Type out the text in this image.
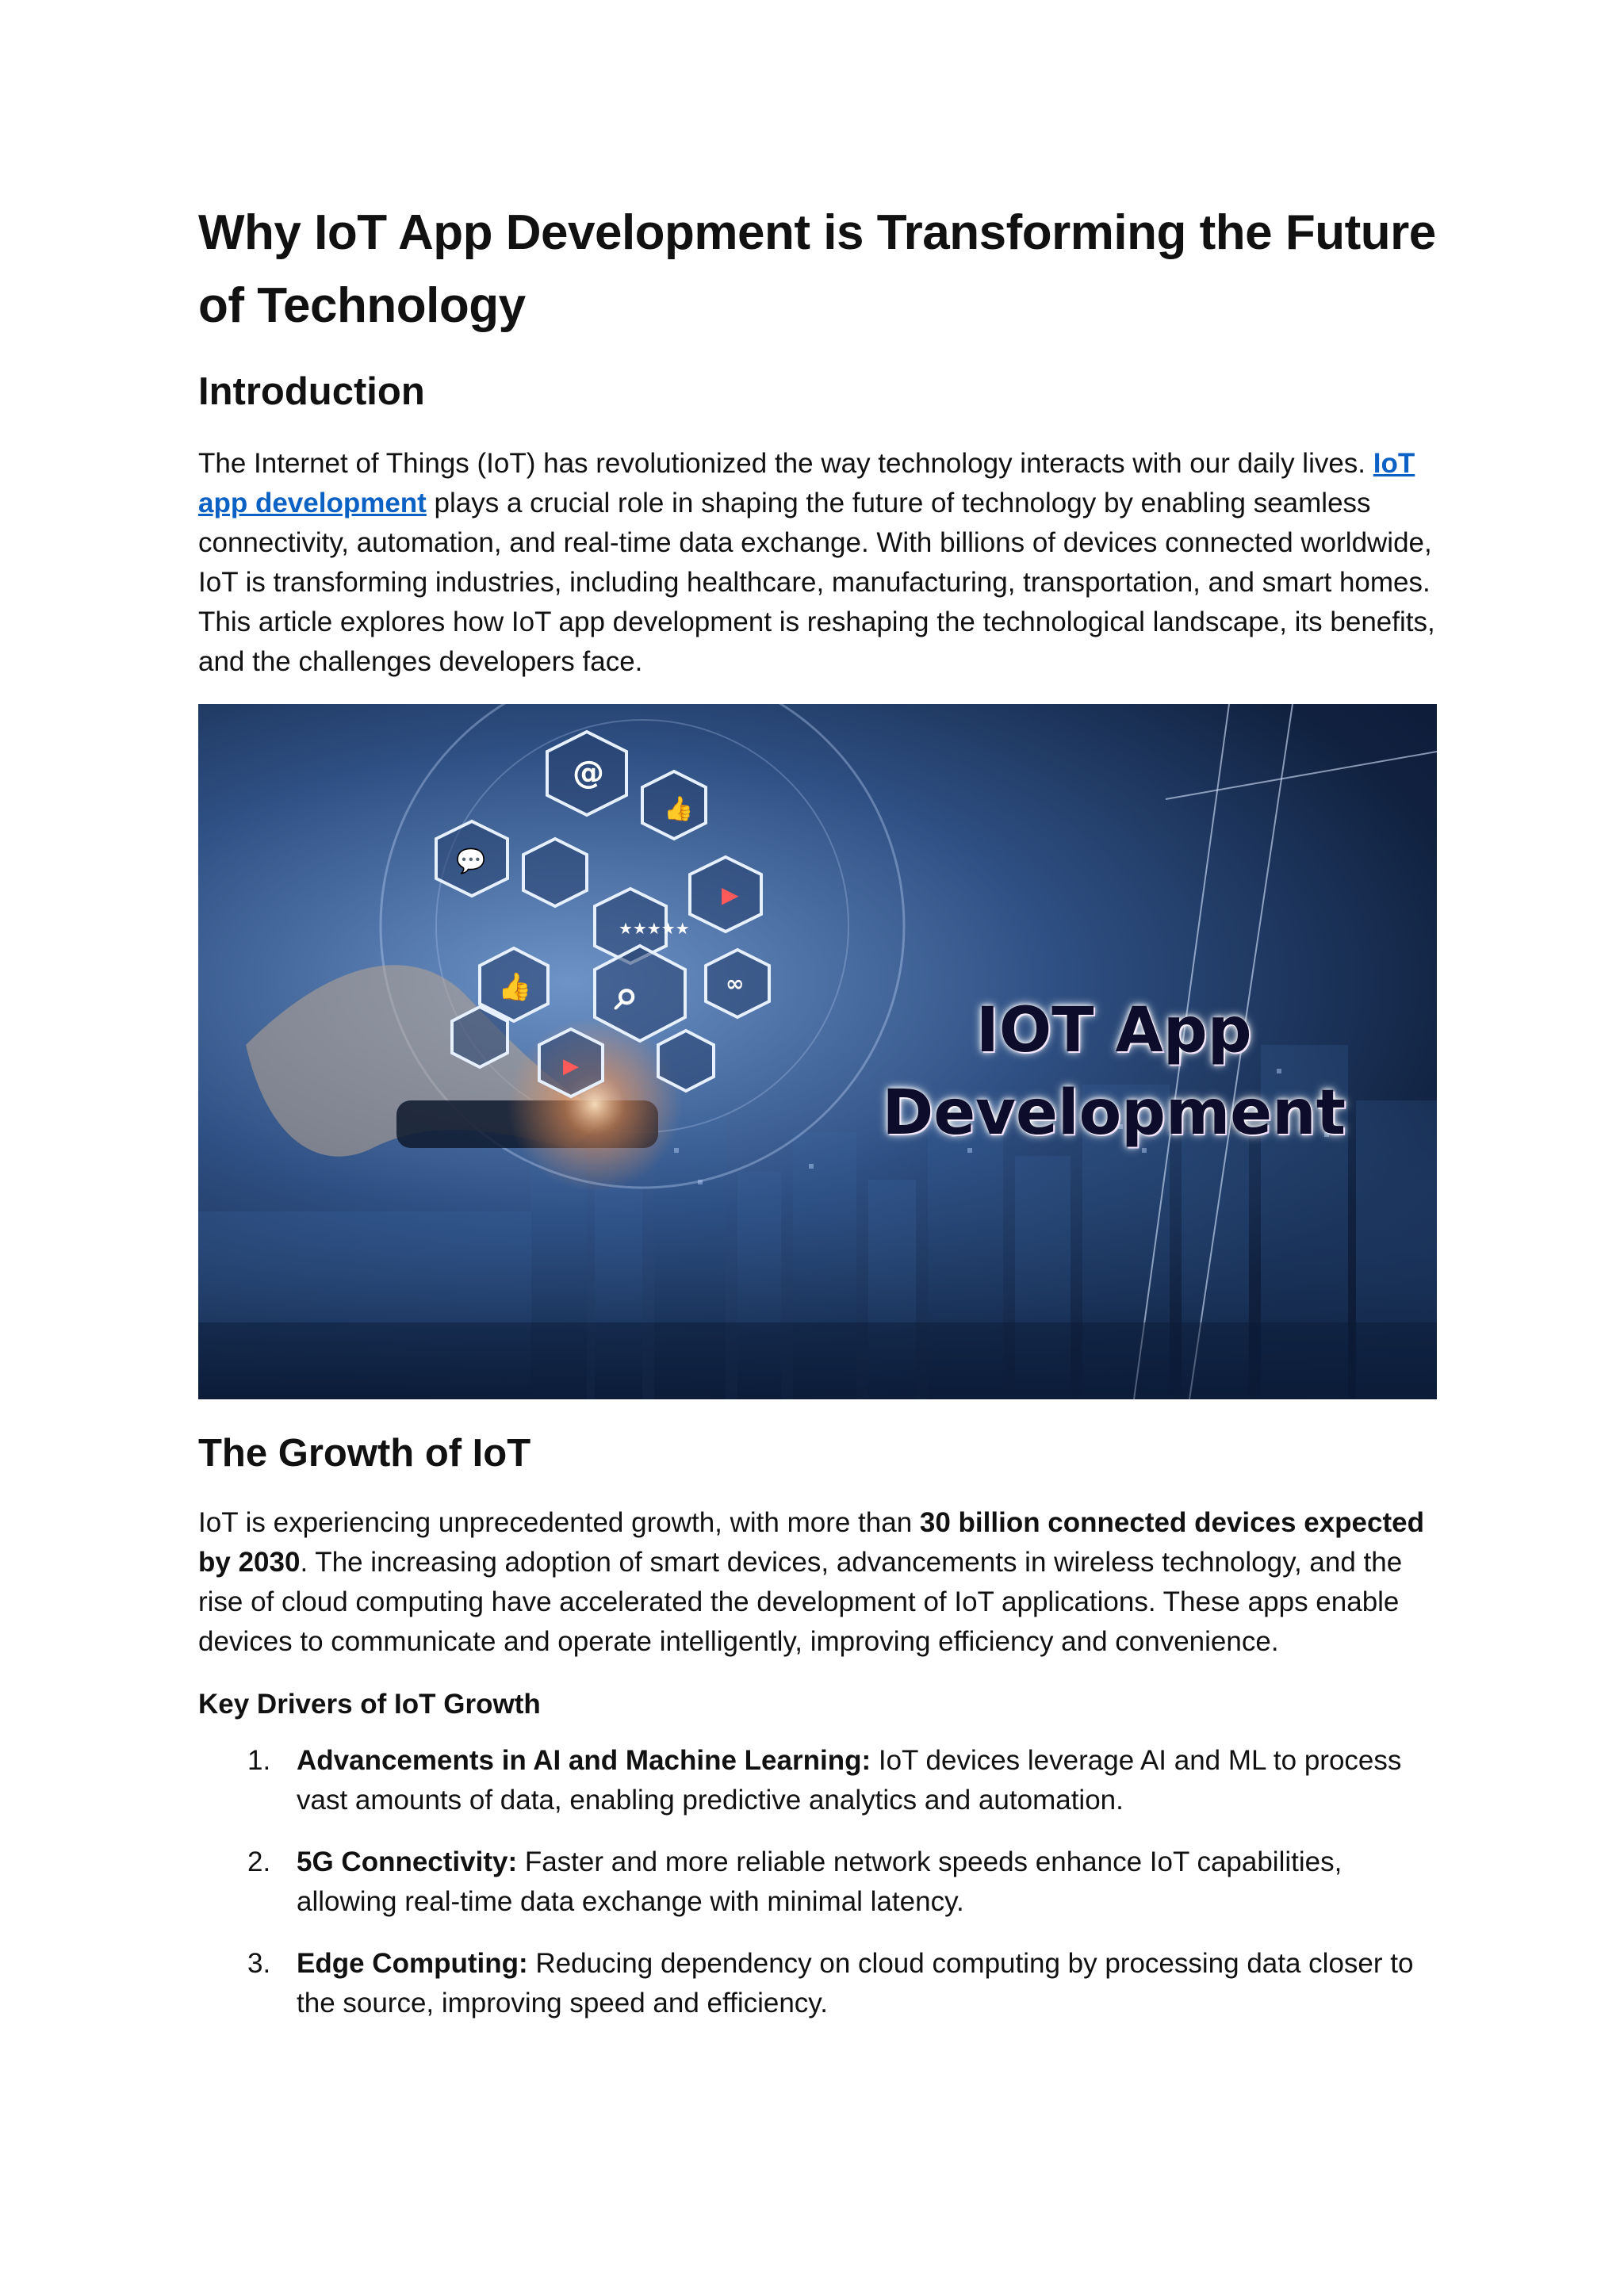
Why IoT App Development is Transforming the Future of Technology
Introduction

The Internet of Things (IoT) has revolutionized the way technology interacts with our daily lives. IoT app development plays a crucial role in shaping the future of technology by enabling seamless connectivity, automation, and real-time data exchange. With billions of devices connected worldwide, IoT is transforming industries, including healthcare, manufacturing, transportation, and smart homes. This article explores how IoT app development is reshaping the technological landscape, its benefits, and the challenges developers face.

@
👍
💬
▶
★★★★★
⌕
👍	∞
▶	IOT App
Development
The Growth of IoT

IoT is experiencing unprecedented growth, with more than 30 billion connected devices expected by 2030. The increasing adoption of smart devices, advancements in wireless technology, and the rise of cloud computing have accelerated the development of IoT applications. These apps enable devices to communicate and operate intelligently, improving efficiency and convenience.

Key Drivers of IoT Growth

1. Advancements in AI and Machine Learning: IoT devices leverage AI and ML to process vast amounts of data, enabling predictive analytics and automation.
2. 5G Connectivity: Faster and more reliable network speeds enhance IoT capabilities, allowing real-time data exchange with minimal latency.
3. Edge Computing: Reducing dependency on cloud computing by processing data closer to the source, improving speed and efficiency.
